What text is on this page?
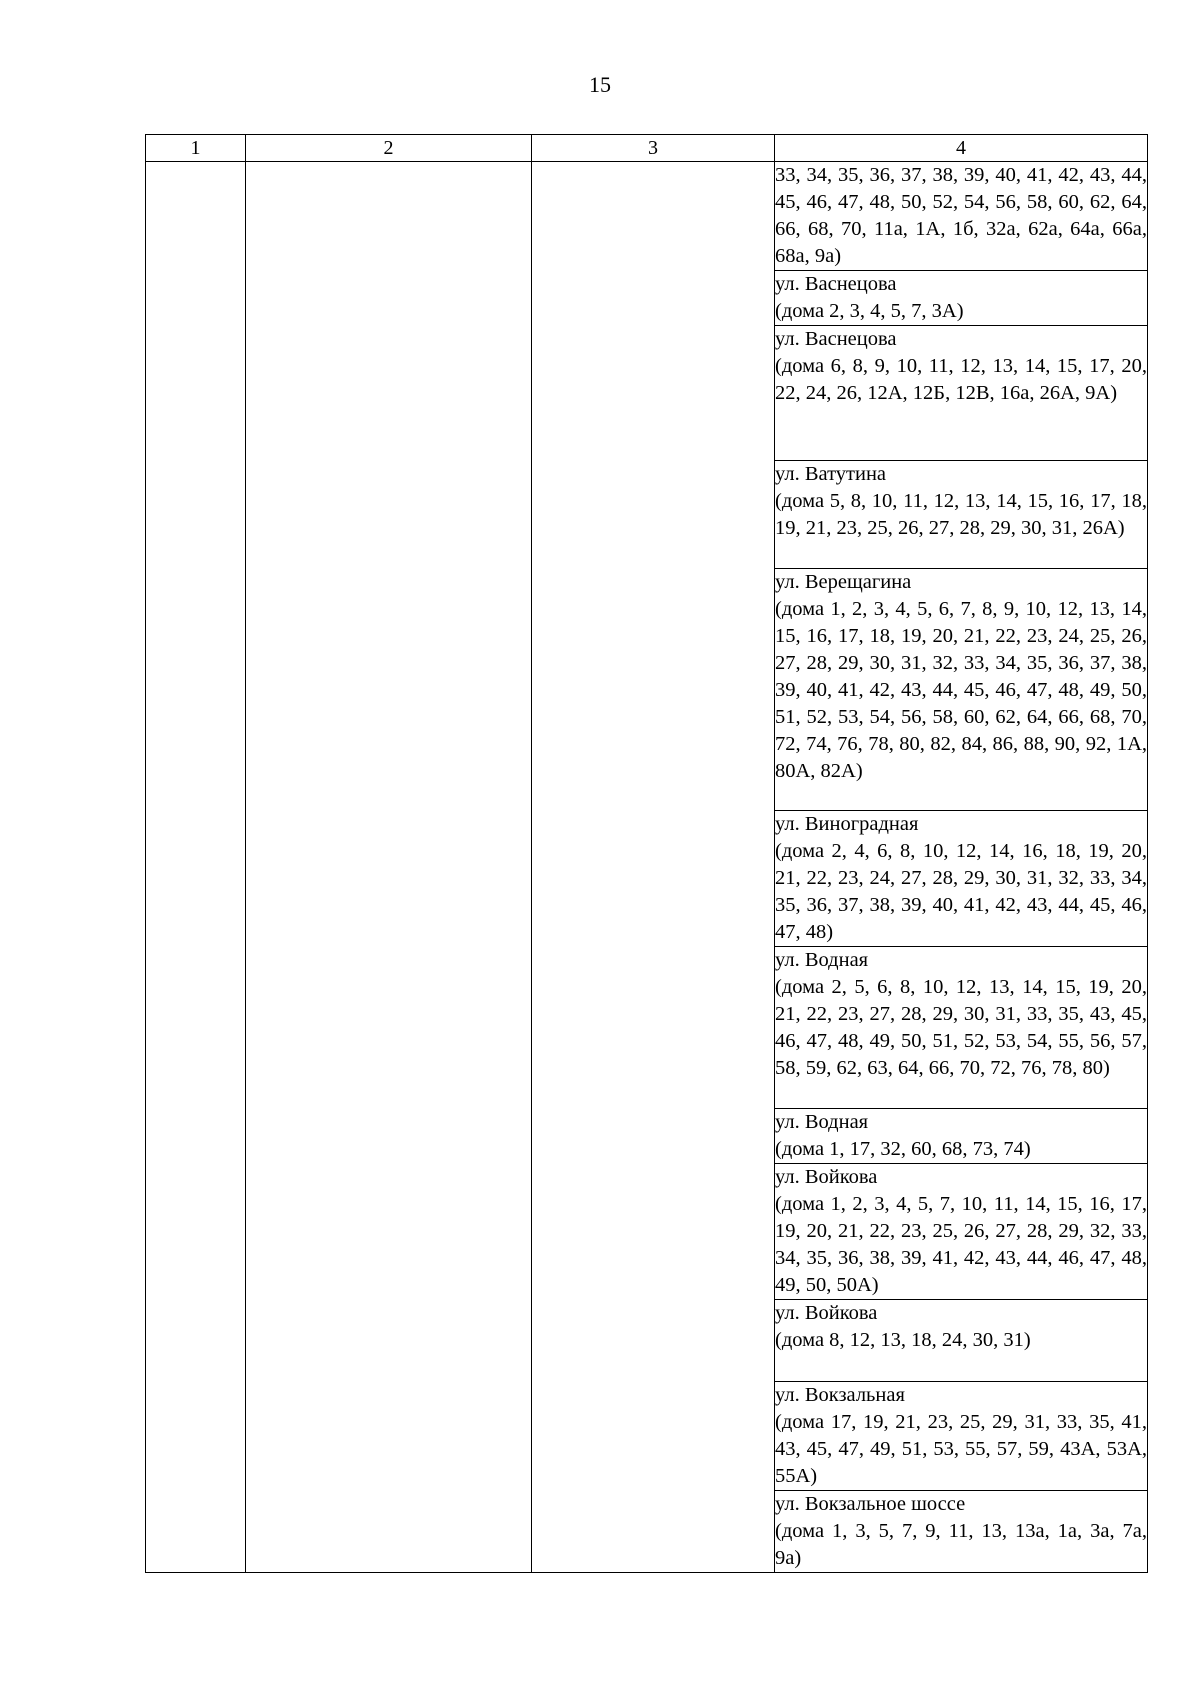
15
1	2	3	4

			33, 34, 35, 36, 37, 38, 39, 40, 41, 42, 43, 44, 45, 46, 47, 48, 50, 52, 54, 56, 58, 60, 62, 64, 66, 68, 70, 11а, 1А, 1б, 32а, 62а, 64а, 66а, 68а, 9а)

			ул. Васнецова
(дома 2, 3, 4, 5, 7, 3А)

			ул. Васнецова
(дома 6, 8, 9, 10, 11, 12, 13, 14, 15, 17, 20, 22, 24, 26, 12А, 12Б, 12В, 16а, 26А, 9А)

			ул. Ватутина
(дома 5, 8, 10, 11, 12, 13, 14, 15, 16, 17, 18, 19, 21, 23, 25, 26, 27, 28, 29, 30, 31, 26А)

			ул. Верещагина
(дома 1, 2, 3, 4, 5, 6, 7, 8, 9, 10, 12, 13, 14, 15, 16, 17, 18, 19, 20, 21, 22, 23, 24, 25, 26, 27, 28, 29, 30, 31, 32, 33, 34, 35, 36, 37, 38, 39, 40, 41, 42, 43, 44, 45, 46, 47, 48, 49, 50, 51, 52, 53, 54, 56, 58, 60, 62, 64, 66, 68, 70, 72, 74, 76, 78, 80, 82, 84, 86, 88, 90, 92, 1А, 80А, 82А)

			ул. Виноградная
(дома 2, 4, 6, 8, 10, 12, 14, 16, 18, 19, 20, 21, 22, 23, 24, 27, 28, 29, 30, 31, 32, 33, 34, 35, 36, 37, 38, 39, 40, 41, 42, 43, 44, 45, 46, 47, 48)

			ул. Водная
(дома 2, 5, 6, 8, 10, 12, 13, 14, 15, 19, 20, 21, 22, 23, 27, 28, 29, 30, 31, 33, 35, 43, 45, 46, 47, 48, 49, 50, 51, 52, 53, 54, 55, 56, 57, 58, 59, 62, 63, 64, 66, 70, 72, 76, 78, 80)

			ул. Водная
(дома 1, 17, 32, 60, 68, 73, 74)

			ул. Войкова
(дома 1, 2, 3, 4, 5, 7, 10, 11, 14, 15, 16, 17, 19, 20, 21, 22, 23, 25, 26, 27, 28, 29, 32, 33, 34, 35, 36, 38, 39, 41, 42, 43, 44, 46, 47, 48, 49, 50, 50А)

			ул. Войкова
(дома 8, 12, 13, 18, 24, 30, 31)

			ул. Вокзальная
(дома 17, 19, 21, 23, 25, 29, 31, 33, 35, 41, 43, 45, 47, 49, 51, 53, 55, 57, 59, 43А, 53А, 55А)

			ул. Вокзальное шоссе
(дома 1, 3, 5, 7, 9, 11, 13, 13а, 1а, 3а, 7а, 9а)
